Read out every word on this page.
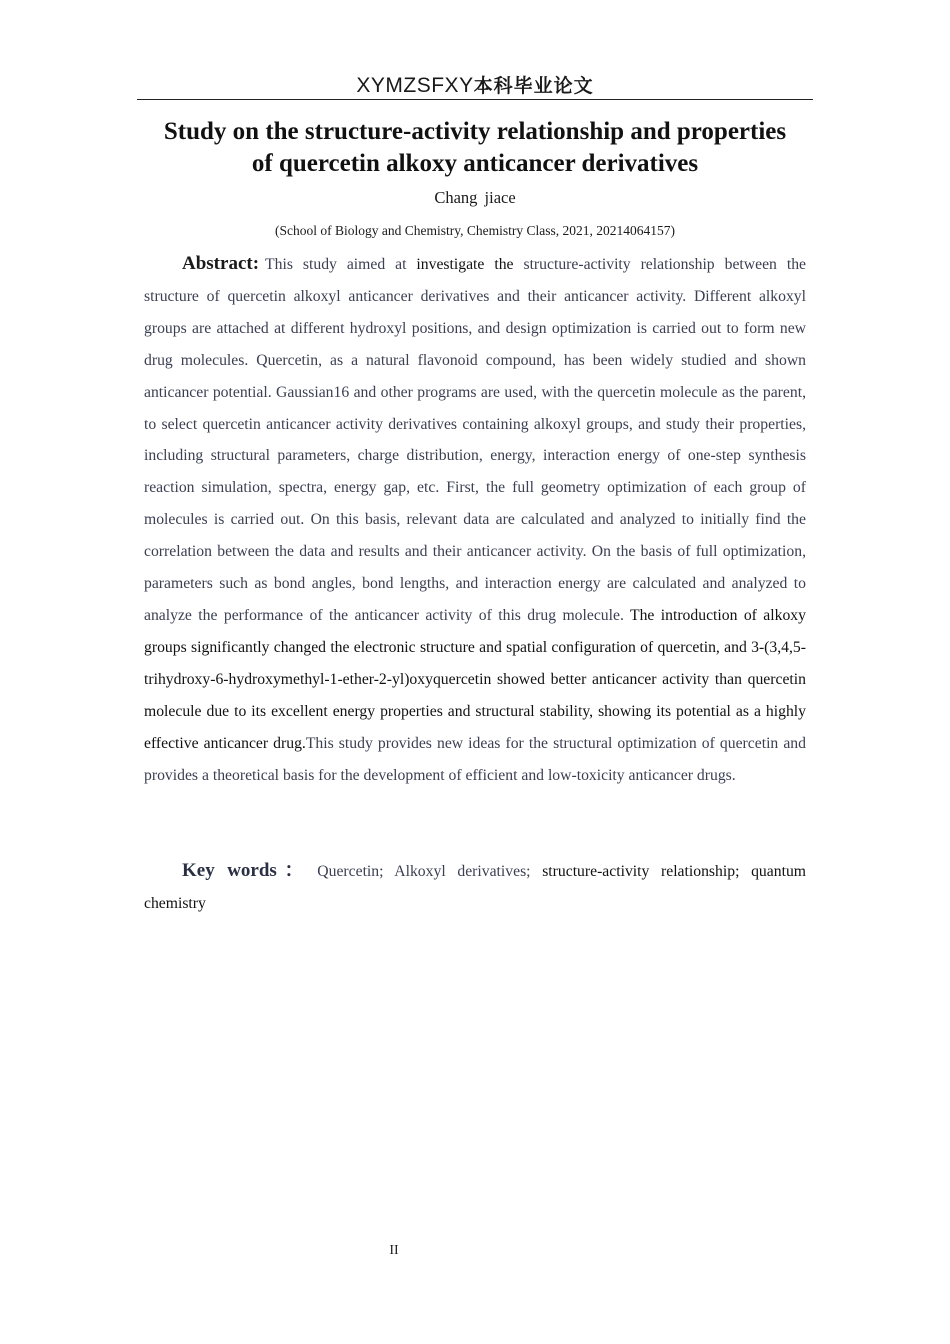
XYMZSFXY本科毕业论文
Study on the structure-activity relationship and properties
of quercetin alkoxy anticancer derivatives
Chang jiace
(School of Biology and Chemistry, Chemistry Class, 2021, 20214064157)
Abstract: This study aimed at investigate the structure-activity relationship between the structure of quercetin alkoxyl anticancer derivatives and their anticancer activity. Different alkoxyl groups are attached at different hydroxyl positions, and design optimization is carried out to form new drug molecules. Quercetin, as a natural flavonoid compound, has been widely studied and shown anticancer potential. Gaussian16 and other programs are used, with the quercetin molecule as the parent, to select quercetin anticancer activity derivatives containing alkoxyl groups, and study their properties, including structural parameters, charge distribution, energy, interaction energy of one-step synthesis reaction simulation, spectra, energy gap, etc. First, the full geometry optimization of each group of molecules is carried out. On this basis, relevant data are calculated and analyzed to initially find the correlation between the data and results and their anticancer activity. On the basis of full optimization, parameters such as bond angles, bond lengths, and interaction energy are calculated and analyzed to analyze the performance of the anticancer activity of this drug molecule. The introduction of alkoxy groups significantly changed the electronic structure and spatial configuration of quercetin, and 3-(3,4,5-trihydroxy-6-hydroxymethyl-1-ether-2-yl)oxyquercetin showed better anticancer activity than quercetin molecule due to its excellent energy properties and structural stability, showing its potential as a highly effective anticancer drug.This study provides new ideas for the structural optimization of quercetin and provides a theoretical basis for the development of efficient and low-toxicity anticancer drugs.
Key words： Quercetin; Alkoxyl derivatives; structure-activity relationship; quantum chemistry
II
